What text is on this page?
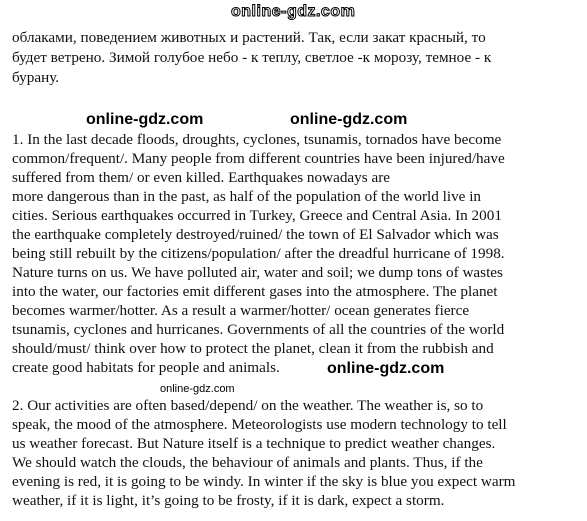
online-gdz.com
облаками, поведением животных и растений. Так, если закат красный, то
будет ветрено. Зимой голубое небо - к теплу, светлое -к морозу, темное - к
бурану.
online-gdz.com	online-gdz.com
1. In the last decade floods, droughts, cyclones, tsunamis, tornados have become
common/frequent/. Many people from different countries have been injured/have
suffered from them/ or even killed. Earthquakes nowadays are
more dangerous than in the past, as half of the population of the world live in
cities. Serious earthquakes occurred in Turkey, Greece and Central Asia. In 2001
the earthquake completely destroyed/ruined/ the town of El Salvador which was
being still rebuilt by the citizens/population/ after the dreadful hurricane of 1998.
Nature turns on us. We have polluted air, water and soil; we dump tons of wastes
into the water, our factories emit different gases into the atmosphere. The planet
becomes warmer/hotter. As a result a warmer/hotter/ ocean generates fierce
tsunamis, cyclones and hurricanes. Governments of all the countries of the world
should/must/ think over how to protect the planet, clean it from the rubbish and
create good habitats for people and animals.	online-gdz.com
online-gdz.com
2. Our activities are often based/depend/ on the weather. The weather is, so to
speak, the mood of the atmosphere. Meteorologists use modern technology to tell
us weather forecast. But Nature itself is a technique to predict weather changes.
We should watch the clouds, the behaviour of animals and plants. Thus, if the
evening is red, it is going to be windy. In winter if the sky is blue you expect warm
weather, if it is light, it’s going to be frosty, if it is dark, expect a storm.
